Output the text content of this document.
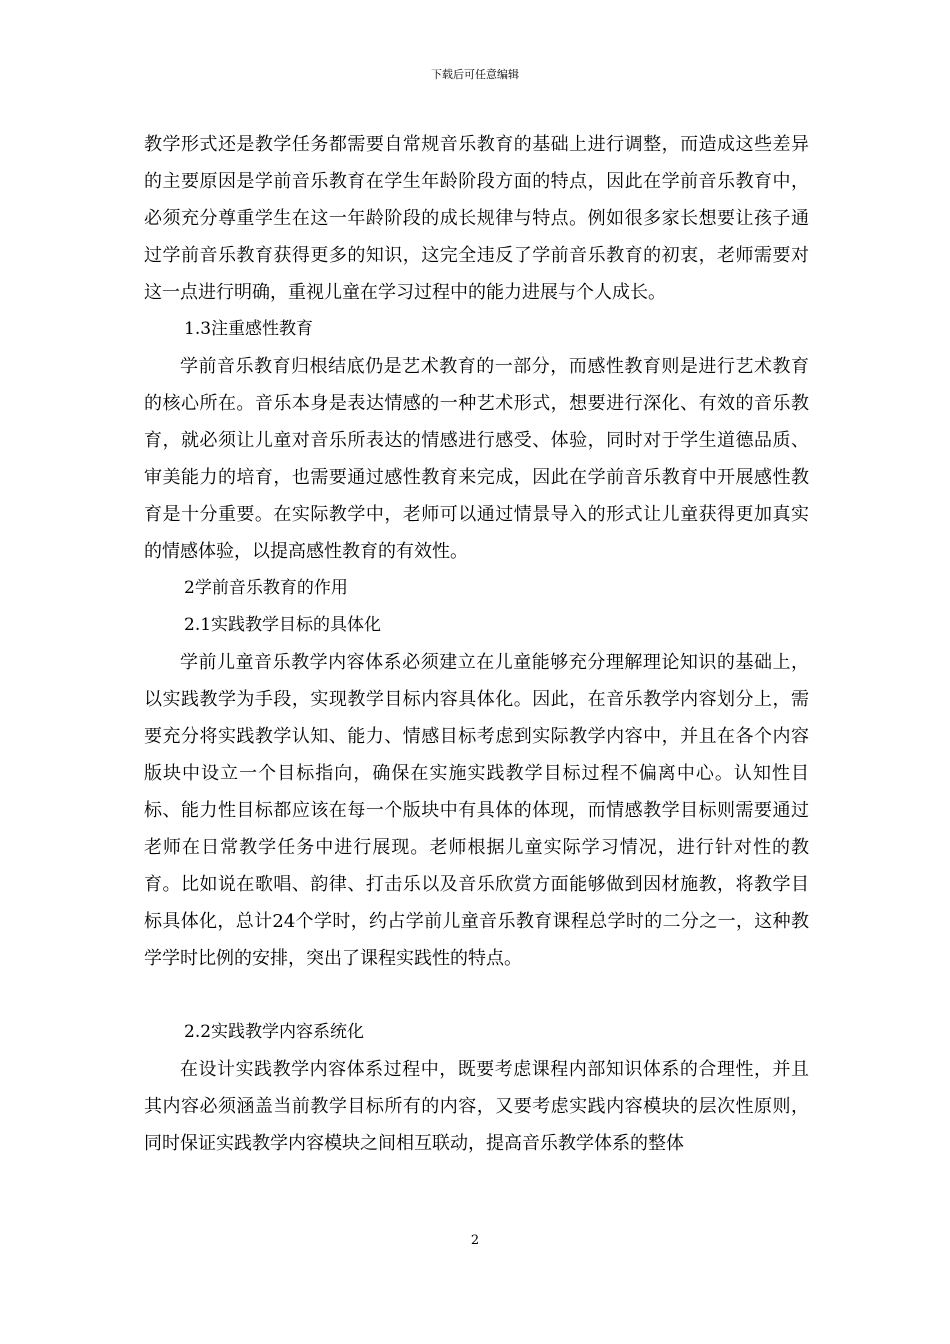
下载后可任意编辑

教学形式还是教学任务都需要自常规音乐教育的基础上进行调整，而造成这些差异的主要原因是学前音乐教育在学生年龄阶段方面的特点，因此在学前音乐教育中，必须充分尊重学生在这一年龄阶段的成长规律与特点。例如很多家长想要让孩子通过学前音乐教育获得更多的知识，这完全违反了学前音乐教育的初衷，老师需要对这一点进行明确，重视儿童在学习过程中的能力进展与个人成长。

1.3注重感性教育

学前音乐教育归根结底仍是艺术教育的一部分，而感性教育则是进行艺术教育的核心所在。音乐本身是表达情感的一种艺术形式，想要进行深化、有效的音乐教育，就必须让儿童对音乐所表达的情感进行感受、体验，同时对于学生道德品质、审美能力的培育，也需要通过感性教育来完成，因此在学前音乐教育中开展感性教育是十分重要。在实际教学中，老师可以通过情景导入的形式让儿童获得更加真实的情感体验，以提高感性教育的有效性。

2学前音乐教育的作用

2.1实践教学目标的具体化

学前儿童音乐教学内容体系必须建立在儿童能够充分理解理论知识的基础上，以实践教学为手段，实现教学目标内容具体化。因此，在音乐教学内容划分上，需要充分将实践教学认知、能力、情感目标考虑到实际教学内容中，并且在各个内容版块中设立一个目标指向，确保在实施实践教学目标过程不偏离中心。认知性目标、能力性目标都应该在每一个版块中有具体的体现，而情感教学目标则需要通过老师在日常教学任务中进行展现。老师根据儿童实际学习情况，进行针对性的教育。比如说在歌唱、韵律、打击乐以及音乐欣赏方面能够做到因材施教，将教学目标具体化，总计24个学时，约占学前儿童音乐教育课程总学时的二分之一，这种教学学时比例的安排，突出了课程实践性的特点。

2.2实践教学内容系统化

在设计实践教学内容体系过程中，既要考虑课程内部知识体系的合理性，并且其内容必须涵盖当前教学目标所有的内容，又要考虑实践内容模块的层次性原则，同时保证实践教学内容模块之间相互联动，提高音乐教学体系的整体

2
